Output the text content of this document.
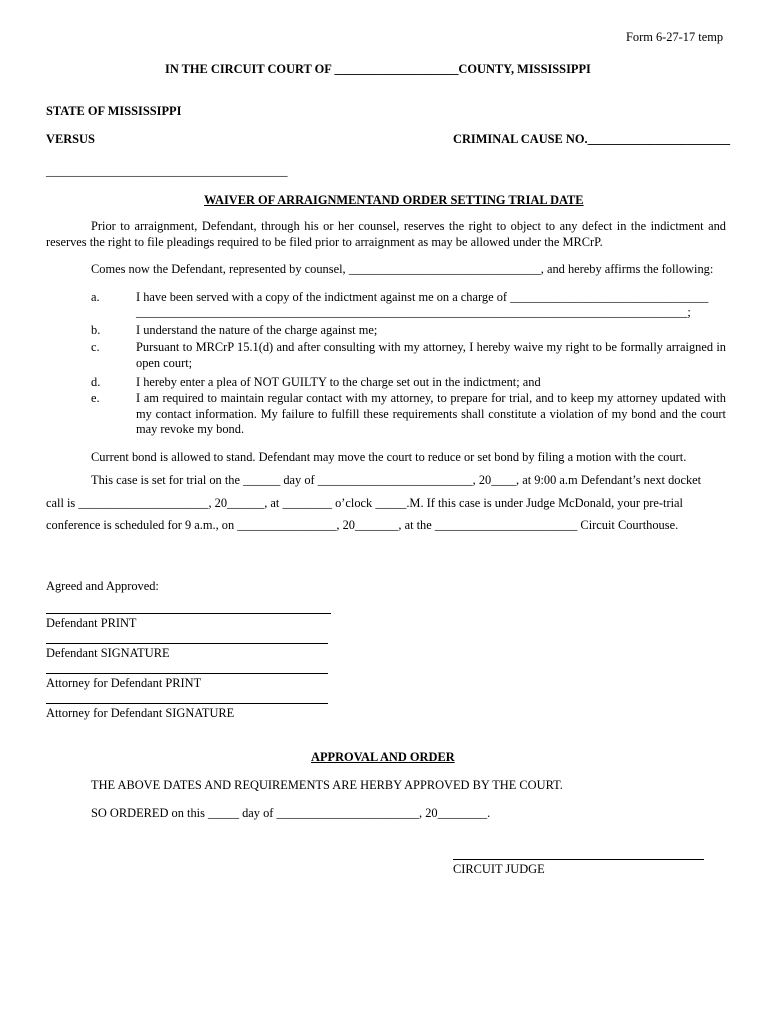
Form 6-27-17 temp
IN THE CIRCUIT COURT OF ____________________COUNTY, MISSISSIPPI
STATE OF MISSISSIPPI
VERSUS	CRIMINAL CAUSE NO._______________________
_______________________________________
WAIVER OF ARRAIGNMENTAND ORDER SETTING TRIAL DATE
Prior to arraignment, Defendant, through his or her counsel, reserves the right to object to any defect in the indictment and reserves the right to file pleadings required to be filed prior to arraignment as may be allowed under the MRCrP.
Comes now the Defendant, represented by counsel, _______________________________, and hereby affirms the following:
a.	I have been served with a copy of the indictment against me on a charge of ________________________________
_________________________________________________________________________________________;
b.	I understand the nature of the charge against me;
c.	Pursuant to MRCrP 15.1(d) and after consulting with my attorney, I hereby waive my right to be formally arraigned in open court;
d.	I hereby enter a plea of NOT GUILTY to the charge set out in the indictment; and
e.	I am required to maintain regular contact with my attorney, to prepare for trial, and to keep my attorney updated with my contact information. My failure to fulfill these requirements shall constitute a violation of my bond and the court may revoke my bond.
Current bond is allowed to stand. Defendant may move the court to reduce or set bond by filing a motion with the court.
This case is set for trial on the ______ day of _________________________, 20____, at 9:00 a.m Defendant’s next docket
call is _____________________, 20______, at ________ o’clock _____.M. If this case is under Judge McDonald, your pre-trial
conference is scheduled for 9 a.m., on ________________, 20_______, at the _______________________ Circuit Courthouse.
Agreed and Approved:
Defendant PRINT
Defendant SIGNATURE
Attorney for Defendant PRINT
Attorney for Defendant SIGNATURE
APPROVAL AND ORDER
THE ABOVE DATES AND REQUIREMENTS ARE HERBY APPROVED BY THE COURT.
SO ORDERED on this _____ day of _______________________, 20________.
CIRCUIT JUDGE
